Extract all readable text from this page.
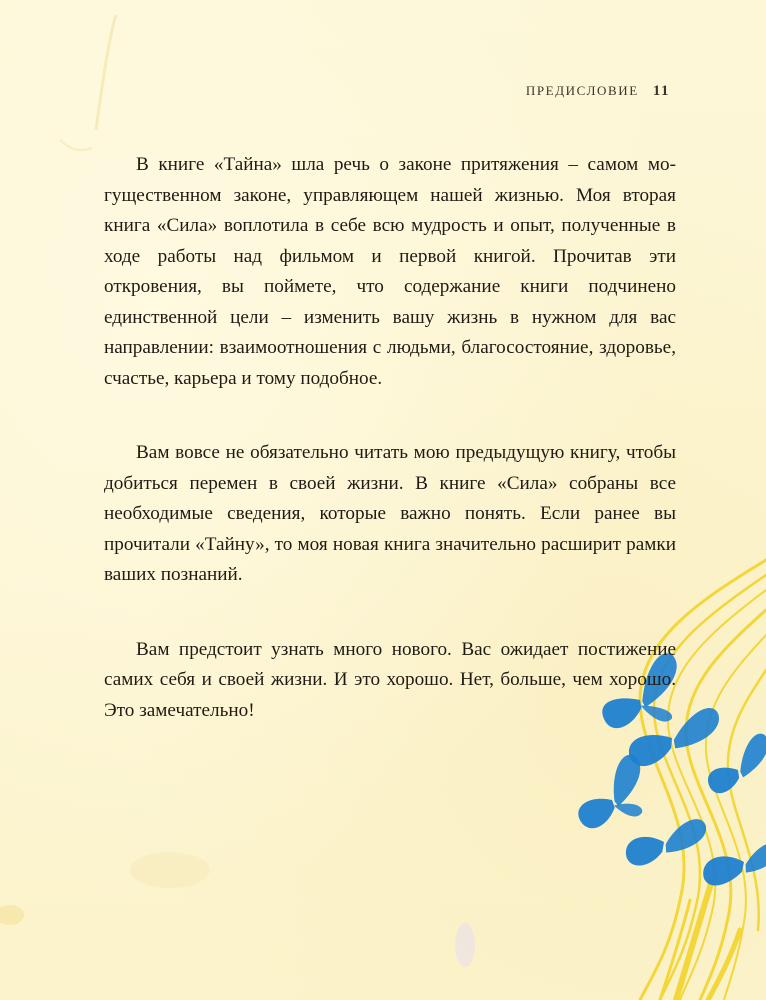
ПРЕДИСЛОВИЕ 11

В книге «Тайна» шла речь о законе притяжения – самом могущественном законе, управляющем нашей жизнью. Моя вторая книга «Сила» воплотила в себе всю мудрость и опыт, полученные в ходе работы над фильмом и первой книгой. Прочитав эти откровения, вы поймете, что содержание книги подчинено единственной цели – изменить вашу жизнь в нужном для вас направлении: взаимоотношения с людьми, благосостояние, здоровье, счастье, карьера и тому подобное.

Вам вовсе не обязательно читать мою предыдущую книгу, чтобы добиться перемен в своей жизни. В книге «Сила» собраны все необходимые сведения, которые важно понять. Если ранее вы прочитали «Тайну», то моя новая книга значительно расширит рамки ваших познаний.

Вам предстоит узнать много нового. Вас ожидает постижение самих себя и своей жизни. И это хорошо. Нет, больше, чем хорошо. Это замечательно!
